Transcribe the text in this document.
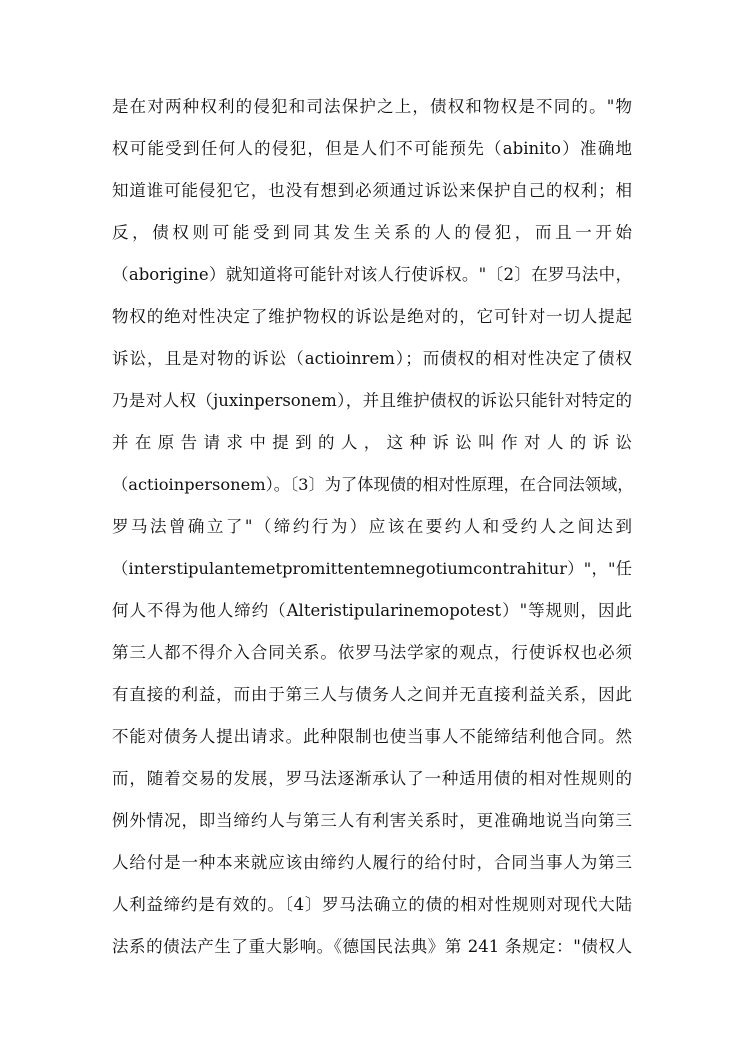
是在对两种权利的侵犯和司法保护之上，债权和物权是不同的。"物
权可能受到任何人的侵犯，但是人们不可能预先（abinito）准确地
知道谁可能侵犯它，也没有想到必须通过诉讼来保护自己的权利；相
反，债权则可能受到同其发生关系的人的侵犯，而且一开始
（aborigine）就知道将可能针对该人行使诉权。"〔2〕在罗马法中，
物权的绝对性决定了维护物权的诉讼是绝对的，它可针对一切人提起
诉讼，且是对物的诉讼（actioinrem）；而债权的相对性决定了债权
乃是对人权（juxinpersonem），并且维护债权的诉讼只能针对特定的
并在原告请求中提到的人，这种诉讼叫作对人的诉讼
（actioinpersonem）。〔3〕为了体现债的相对性原理，在合同法领域，
罗马法曾确立了"（缔约行为）应该在要约人和受约人之间达到
（interstipulantemetpromittentemnegotiumcontrahitur）"，"任
何人不得为他人缔约（Alteristipularinemopotest）"等规则，因此
第三人都不得介入合同关系。依罗马法学家的观点，行使诉权也必须
有直接的利益，而由于第三人与债务人之间并无直接利益关系，因此
不能对债务人提出请求。此种限制也使当事人不能缔结利他合同。然
而，随着交易的发展，罗马法逐渐承认了一种适用债的相对性规则的
例外情况，即当缔约人与第三人有利害关系时，更准确地说当向第三
人给付是一种本来就应该由缔约人履行的给付时，合同当事人为第三
人利益缔约是有效的。〔4〕罗马法确立的债的相对性规则对现代大陆
法系的债法产生了重大影响。《德国民法典》第 241 条规定："债权人
